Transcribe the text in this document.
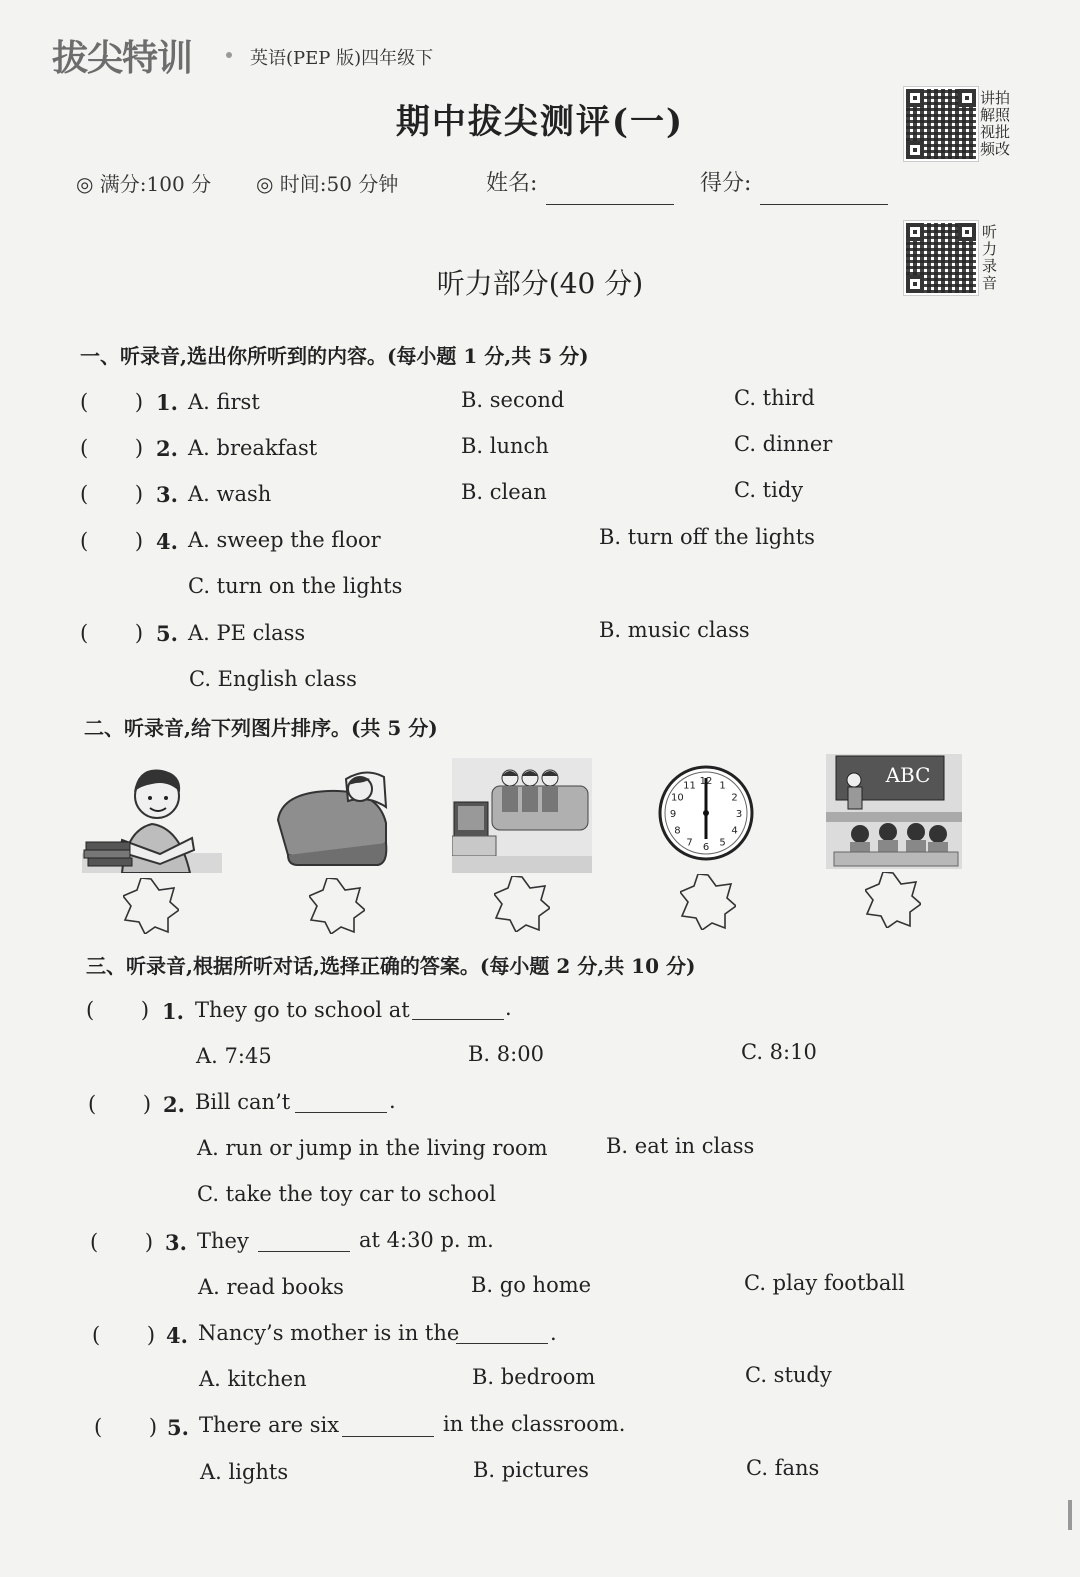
拔尖特训	英语(PEP 版)四年级下
期中拔尖测评(一)
◎ 满分:100 分 ◎ 时间:50 分钟	姓名:	得分:
讲拍
解照
视批
频改
听
力
录
音
听力部分(40 分)
一、听录音,选出你所听到的内容。(每小题 1 分,共 5 分)
(       ) 1. A. first	B. second	C. third
(       ) 2. A. breakfast	B. lunch	C. dinner
(       ) 3. A. wash	B. clean	C. tidy
(       ) 4. A. sweep the floor	B. turn off the lights
C. turn on the lights
(       ) 5. A. PE class	B. music class
C. English class
二、听录音,给下列图片排序。(共 5 分)
12 1
2
3
4
5
6
7
8
9
10
11	ABC
三、听录音,根据所听对话,选择正确的答案。(每小题 2 分,共 10 分)
(       ) 1. They go to school at	.
A. 7:45	B. 8:00	C. 8:10
(       ) 2. Bill can’t	.
A. run or jump in the living room	B. eat in class
C. take the toy car to school
(       ) 3. They	at 4:30 p. m.
A. read books	B. go home	C. play football
(       ) 4. Nancy’s mother is in the	.
A. kitchen	B. bedroom	C. study
(       ) 5. There are six	in the classroom.
A. lights	B. pictures	C. fans
